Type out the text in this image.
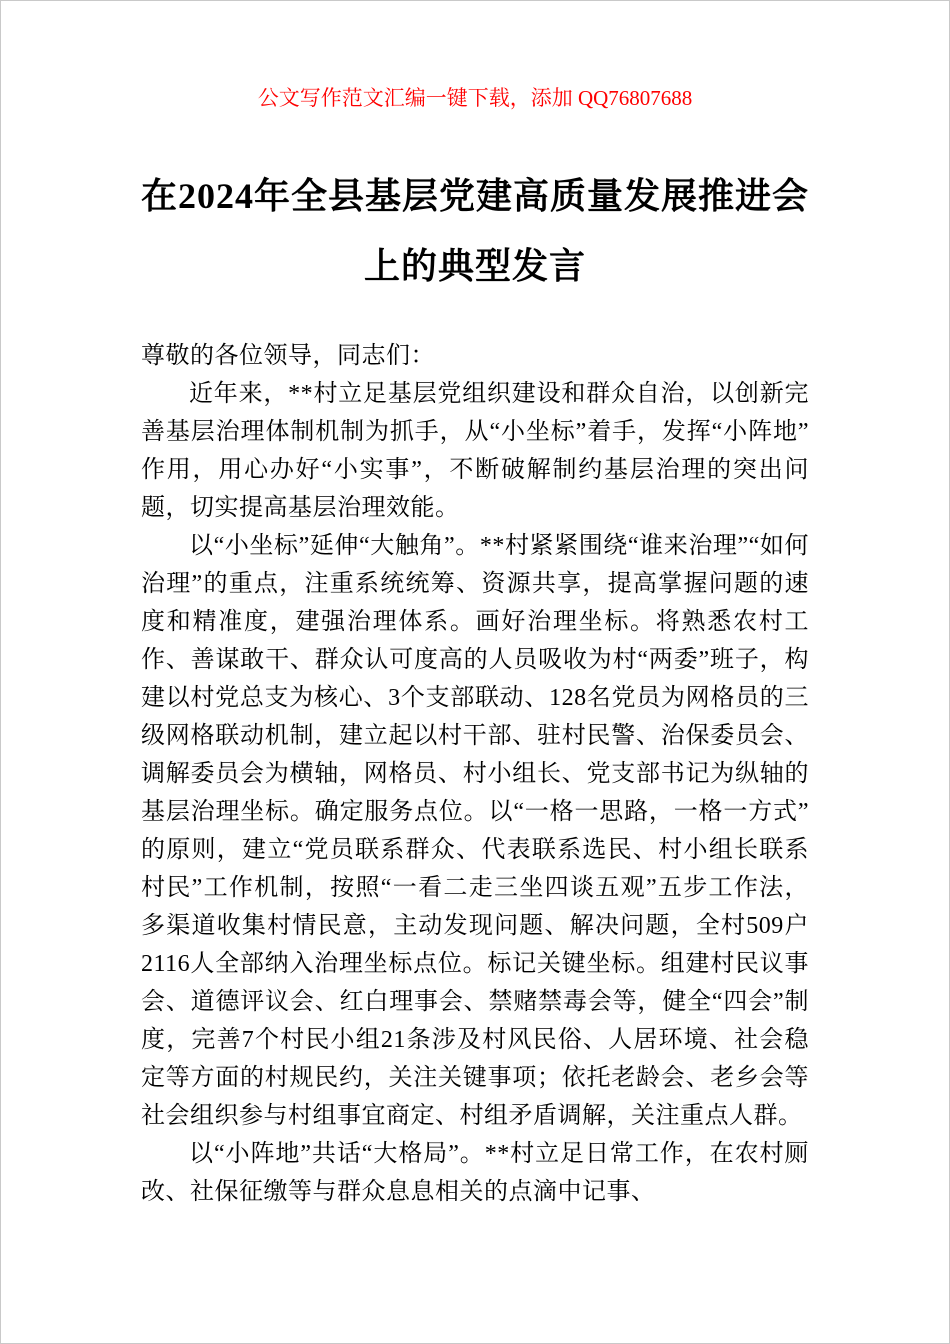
公文写作范文汇编一键下载，添加 QQ76807688
在2024年全县基层党建高质量发展推进会
上的典型发言

尊敬的各位领导，同志们：

近年来，**村立足基层党组织建设和群众自治，以创新完善基层治理体制机制为抓手，从“小坐标”着手，发挥“小阵地”作用，用心办好“小实事”，不断破解制约基层治理的突出问题，切实提高基层治理效能。

以“小坐标”延伸“大触角”。**村紧紧围绕“谁来治理”“如何治理”的重点，注重系统统筹、资源共享，提高掌握问题的速度和精准度，建强治理体系。画好治理坐标。将熟悉农村工作、善谋敢干、群众认可度高的人员吸收为村“两委”班子，构建以村党总支为核心、3个支部联动、128名党员为网格员的三级网格联动机制，建立起以村干部、驻村民警、治保委员会、调解委员会为横轴，网格员、村小组长、党支部书记为纵轴的基层治理坐标。确定服务点位。以“一格一思路，一格一方式”的原则，建立“党员联系群众、代表联系选民、村小组长联系村民”工作机制，按照“一看二走三坐四谈五观”五步工作法，多渠道收集村情民意，主动发现问题、解决问题，全村509户2116人全部纳入治理坐标点位。标记关键坐标。组建村民议事会、道德评议会、红白理事会、禁赌禁毒会等，健全“四会”制度，完善7个村民小组21条涉及村风民俗、人居环境、社会稳定等方面的村规民约，关注关键事项；依托老龄会、老乡会等社会组织参与村组事宜商定、村组矛盾调解，关注重点人群。

以“小阵地”共话“大格局”。**村立足日常工作，在农村厕改、社保征缴等与群众息息相关的点滴中记事、
